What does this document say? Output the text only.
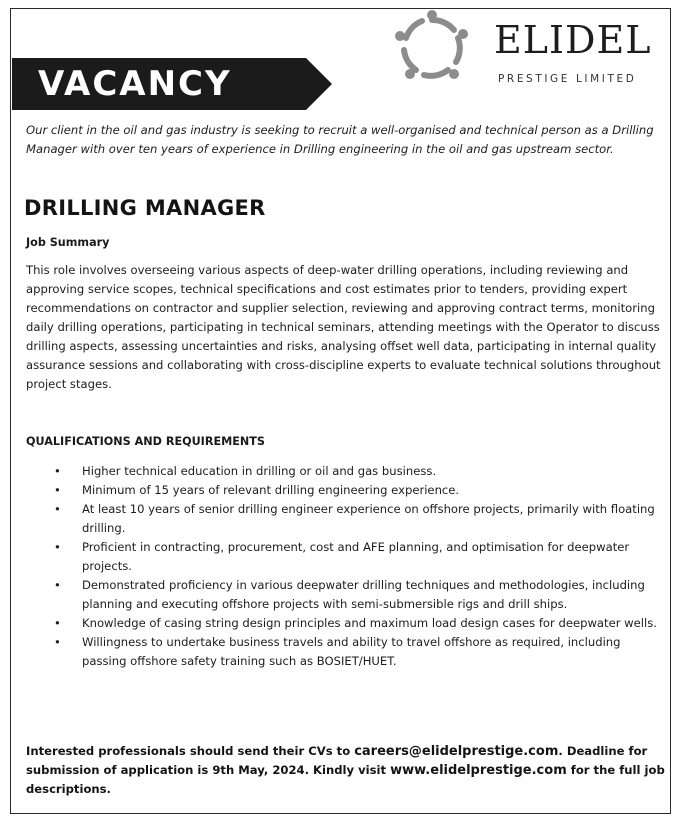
VACANCY
ELIDEL
PRESTIGE LIMITED
Our client in the oil and gas industry is seeking to recruit a well-organised and technical person as a Drilling Manager with over ten years of experience in Drilling engineering in the oil and gas upstream sector.
DRILLING MANAGER
Job Summary
This role involves overseeing various aspects of deep-water drilling operations, including reviewing and approving service scopes, technical specifications and cost estimates prior to tenders, providing expert recommendations on contractor and supplier selection, reviewing and approving contract terms, monitoring daily drilling operations, participating in technical seminars, attending meetings with the Operator to discuss drilling aspects, assessing uncertainties and risks, analysing offset well data, participating in internal quality assurance sessions and collaborating with cross-discipline experts to evaluate technical solutions throughout project stages.
QUALIFICATIONS AND REQUIREMENTS
• Higher technical education in drilling or oil and gas business.
• Minimum of 15 years of relevant drilling engineering experience.
• At least 10 years of senior drilling engineer experience on offshore projects, primarily with floating drilling.
• Proficient in contracting, procurement, cost and AFE planning, and optimisation for deepwater projects.
• Demonstrated proficiency in various deepwater drilling techniques and methodologies, including planning and executing offshore projects with semi-submersible rigs and drill ships.
• Knowledge of casing string design principles and maximum load design cases for deepwater wells.
• Willingness to undertake business travels and ability to travel offshore as required, including passing offshore safety training such as BOSIET/HUET.
Interested professionals should send their CVs to careers@elidelprestige.com. Deadline for submission of application is 9th May, 2024. Kindly visit www.elidelprestige.com for the full job descriptions.
